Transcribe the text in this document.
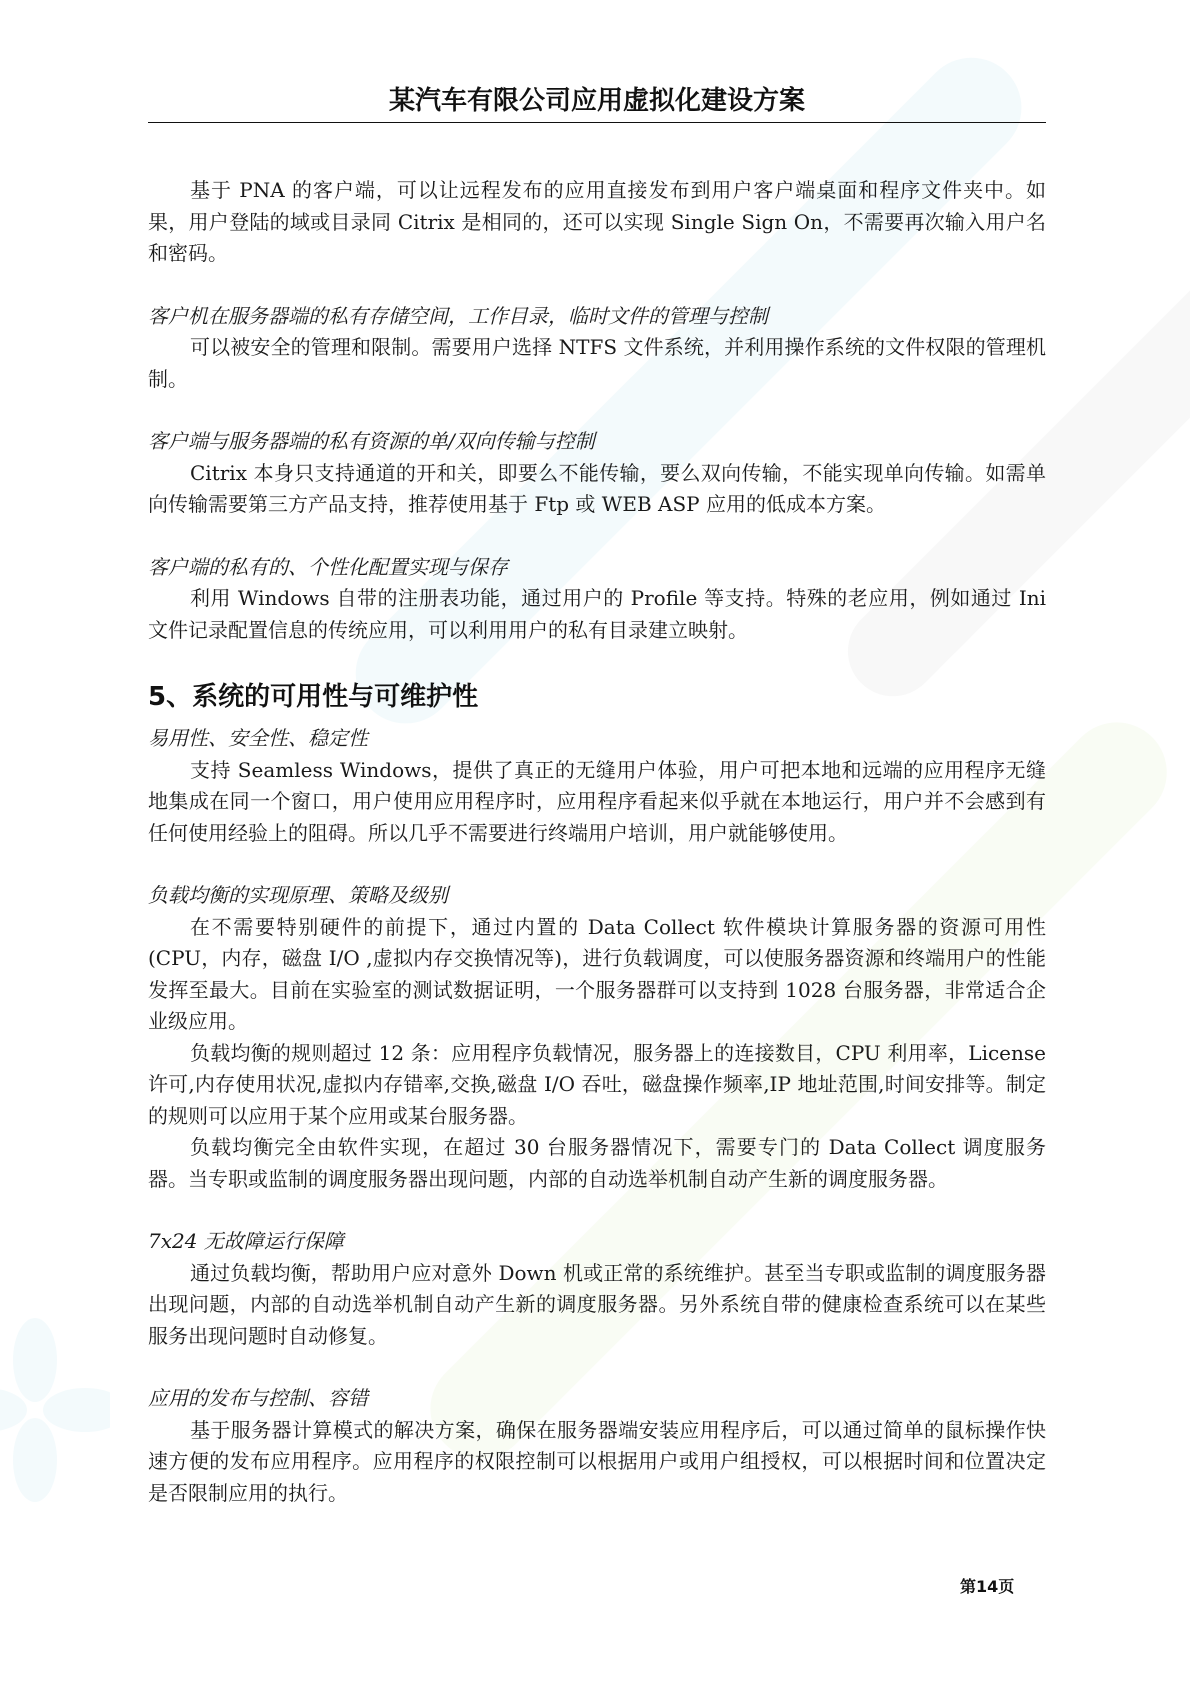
某汽车有限公司应用虚拟化建设方案

基于 PNA 的客户端，可以让远程发布的应用直接发布到用户客户端桌面和程序文件夹中。如果，用户登陆的域或目录同 Citrix 是相同的，还可以实现 Single Sign On，不需要再次输入用户名和密码。

客户机在服务器端的私有存储空间，工作目录，临时文件的管理与控制

可以被安全的管理和限制。需要用户选择 NTFS 文件系统，并利用操作系统的文件权限的管理机制。

客户端与服务器端的私有资源的单/双向传输与控制

Citrix 本身只支持通道的开和关，即要么不能传输，要么双向传输，不能实现单向传输。如需单向传输需要第三方产品支持，推荐使用基于 Ftp 或 WEB ASP 应用的低成本方案。

客户端的私有的、个性化配置实现与保存

利用 Windows 自带的注册表功能，通过用户的 Profile 等支持。特殊的老应用，例如通过 Ini 文件记录配置信息的传统应用，可以利用用户的私有目录建立映射。

5、系统的可用性与可维护性

易用性、安全性、稳定性

支持 Seamless Windows，提供了真正的无缝用户体验，用户可把本地和远端的应用程序无缝地集成在同一个窗口，用户使用应用程序时，应用程序看起来似乎就在本地运行，用户并不会感到有任何使用经验上的阻碍。所以几乎不需要进行终端用户培训，用户就能够使用。

负载均衡的实现原理、策略及级别

在不需要特别硬件的前提下，通过内置的 Data Collect 软件模块计算服务器的资源可用性(CPU，内存，磁盘 I/O ,虚拟内存交换情况等)，进行负载调度，可以使服务器资源和终端用户的性能发挥至最大。目前在实验室的测试数据证明，一个服务器群可以支持到 1028 台服务器，非常适合企业级应用。

负载均衡的规则超过 12 条：应用程序负载情况，服务器上的连接数目，CPU 利用率，License 许可,内存使用状况,虚拟内存错率,交换,磁盘 I/O 吞吐，磁盘操作频率,IP 地址范围,时间安排等。制定的规则可以应用于某个应用或某台服务器。

负载均衡完全由软件实现，在超过 30 台服务器情况下，需要专门的 Data Collect 调度服务器。当专职或监制的调度服务器出现问题，内部的自动选举机制自动产生新的调度服务器。

7x24 无故障运行保障

通过负载均衡，帮助用户应对意外 Down 机或正常的系统维护。甚至当专职或监制的调度服务器出现问题，内部的自动选举机制自动产生新的调度服务器。另外系统自带的健康检查系统可以在某些服务出现问题时自动修复。

应用的发布与控制、容错

基于服务器计算模式的解决方案，确保在服务器端安装应用程序后，可以通过简单的鼠标操作快速方便的发布应用程序。应用程序的权限控制可以根据用户或用户组授权，可以根据时间和位置决定是否限制应用的执行。

第14页
